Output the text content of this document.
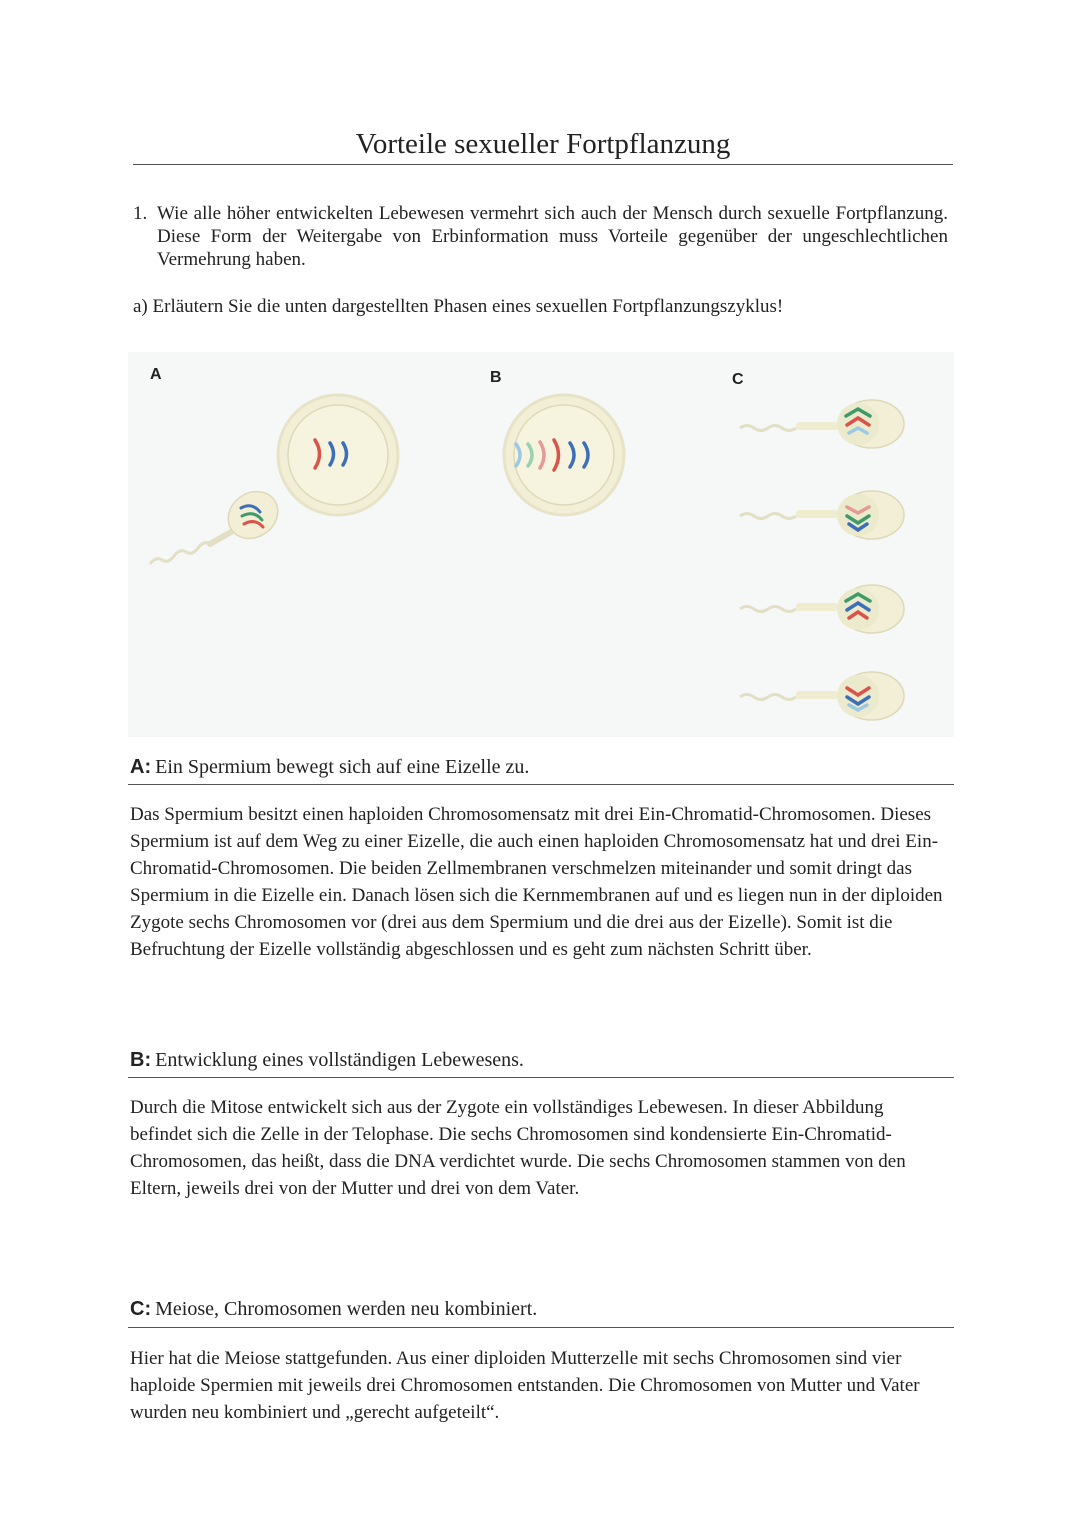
Vorteile sexueller Fortpflanzung
1. Wie alle höher entwickelten Lebewesen vermehrt sich auch der Mensch durch sexuelle Fortpflanzung. Diese Form der Weitergabe von Erbinformation muss Vorteile gegenüber der ungeschlechtlichen Vermehrung haben.
a) Erläutern Sie die unten dargestellten Phasen eines sexuellen Fortpflanzungszyklus!
A	B	C
A: Ein Spermium bewegt sich auf eine Eizelle zu.
Das Spermium besitzt einen haploiden Chromosomensatz mit drei Ein-Chromatid-Chromosomen. Dieses Spermium ist auf dem Weg zu einer Eizelle, die auch einen haploiden Chromosomensatz hat und drei Ein-Chromatid-Chromosomen. Die beiden Zellmembranen verschmelzen miteinander und somit dringt das Spermium in die Eizelle ein. Danach lösen sich die Kernmembranen auf und es liegen nun in der diploiden Zygote sechs Chromosomen vor (drei aus dem Spermium und die drei aus der Eizelle). Somit ist die Befruchtung der Eizelle vollständig abgeschlossen und es geht zum nächsten Schritt über.
B: Entwicklung eines vollständigen Lebewesens.
Durch die Mitose entwickelt sich aus der Zygote ein vollständiges Lebewesen. In dieser Abbildung befindet sich die Zelle in der Telophase. Die sechs Chromosomen sind kondensierte Ein-Chromatid-Chromosomen, das heißt, dass die DNA verdichtet wurde. Die sechs Chromosomen stammen von den Eltern, jeweils drei von der Mutter und drei von dem Vater.
C: Meiose, Chromosomen werden neu kombiniert.
Hier hat die Meiose stattgefunden. Aus einer diploiden Mutterzelle mit sechs Chromosomen sind vier haploide Spermien mit jeweils drei Chromosomen entstanden. Die Chromosomen von Mutter und Vater wurden neu kombiniert und „gerecht aufgeteilt“.
